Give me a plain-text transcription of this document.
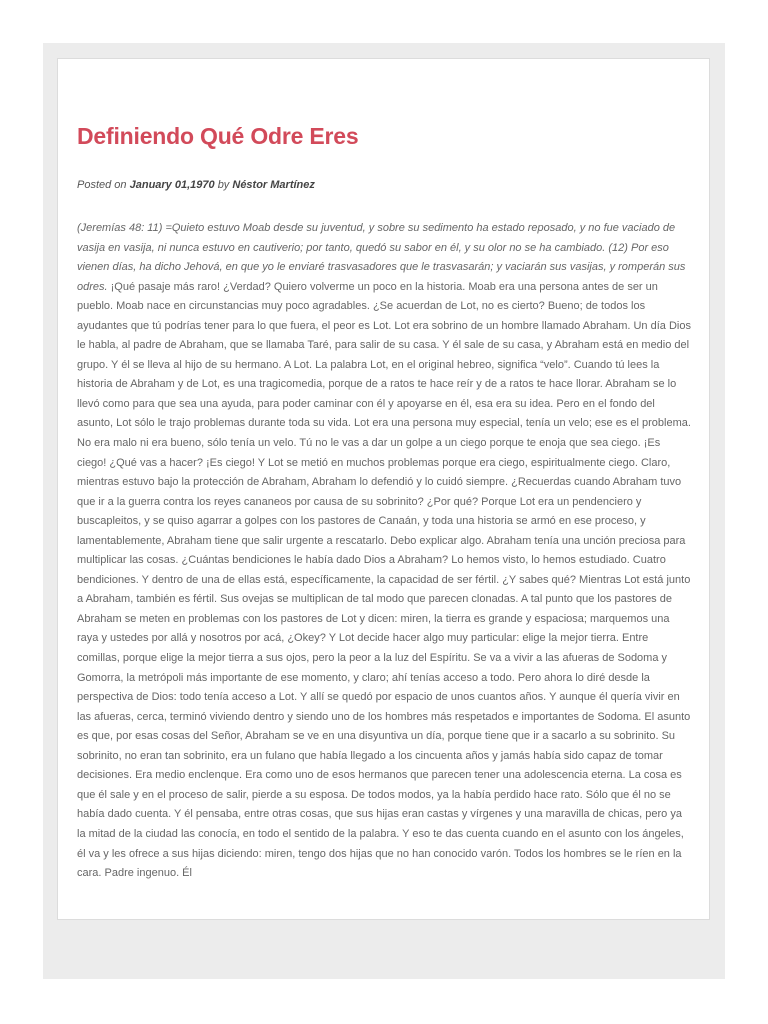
Definiendo Qué Odre Eres
Posted on January 01,1970 by Néstor Martínez
(Jeremías 48: 11) =Quieto estuvo Moab desde su juventud, y sobre su sedimento ha estado reposado, y no fue vaciado de vasija en vasija, ni nunca estuvo en cautiverio; por tanto, quedó su sabor en él, y su olor no se ha cambiado. (12) Por eso vienen días, ha dicho Jehová, en que yo le enviaré trasvasadores que le trasvasarán; y vaciarán sus vasijas, y romperán sus odres. ¡Qué pasaje más raro! ¿Verdad? Quiero volverme un poco en la historia. Moab era una persona antes de ser un pueblo. Moab nace en circunstancias muy poco agradables. ¿Se acuerdan de Lot, no es cierto? Bueno; de todos los ayudantes que tú podrías tener para lo que fuera, el peor es Lot. Lot era sobrino de un hombre llamado Abraham. Un día Dios le habla, al padre de Abraham, que se llamaba Taré, para salir de su casa. Y él sale de su casa, y Abraham está en medio del grupo. Y él se lleva al hijo de su hermano. A Lot. La palabra Lot, en el original hebreo, significa “velo”. Cuando tú lees la historia de Abraham y de Lot, es una tragicomedia, porque de a ratos te hace reír y de a ratos te hace llorar. Abraham se lo llevó como para que sea una ayuda, para poder caminar con él y apoyarse en él, esa era su idea. Pero en el fondo del asunto, Lot sólo le trajo problemas durante toda su vida. Lot era una persona muy especial, tenía un velo; ese es el problema. No era malo ni era bueno, sólo tenía un velo. Tú no le vas a dar un golpe a un ciego porque te enoja que sea ciego. ¡Es ciego! ¿Qué vas a hacer? ¡Es ciego! Y Lot se metió en muchos problemas porque era ciego, espiritualmente ciego. Claro, mientras estuvo bajo la protección de Abraham, Abraham lo defendió y lo cuidó siempre. ¿Recuerdas cuando Abraham tuvo que ir a la guerra contra los reyes cananeos por causa de su sobrinito? ¿Por qué? Porque Lot era un pendenciero y buscapleitos, y se quiso agarrar a golpes con los pastores de Canaán, y toda una historia se armó en ese proceso, y lamentablemente, Abraham tiene que salir urgente a rescatarlo. Debo explicar algo. Abraham tenía una unción preciosa para multiplicar las cosas. ¿Cuántas bendiciones le había dado Dios a Abraham? Lo hemos visto, lo hemos estudiado. Cuatro bendiciones. Y dentro de una de ellas está, específicamente, la capacidad de ser fértil. ¿Y sabes qué? Mientras Lot está junto a Abraham, también es fértil. Sus ovejas se multiplican de tal modo que parecen clonadas. A tal punto que los pastores de Abraham se meten en problemas con los pastores de Lot y dicen: miren, la tierra es grande y espaciosa; marquemos una raya y ustedes por allá y nosotros por acá, ¿Okey? Y Lot decide hacer algo muy particular: elige la mejor tierra. Entre comillas, porque elige la mejor tierra a sus ojos, pero la peor a la luz del Espíritu. Se va a vivir a las afueras de Sodoma y Gomorra, la metrópoli más importante de ese momento, y claro; ahí tenías acceso a todo. Pero ahora lo diré desde la perspectiva de Dios: todo tenía acceso a Lot. Y allí se quedó por espacio de unos cuantos años. Y aunque él quería vivir en las afueras, cerca, terminó viviendo dentro y siendo uno de los hombres más respetados e importantes de Sodoma. El asunto es que, por esas cosas del Señor, Abraham se ve en una disyuntiva un día, porque tiene que ir a sacarlo a su sobrinito. Su sobrinito, no eran tan sobrinito, era un fulano que había llegado a los cincuenta años y jamás había sido capaz de tomar decisiones. Era medio enclenque. Era como uno de esos hermanos que parecen tener una adolescencia eterna. La cosa es que él sale y en el proceso de salir, pierde a su esposa. De todos modos, ya la había perdido hace rato. Sólo que él no se había dado cuenta. Y él pensaba, entre otras cosas, que sus hijas eran castas y vírgenes y una maravilla de chicas, pero ya la mitad de la ciudad las conocía, en todo el sentido de la palabra. Y eso te das cuenta cuando en el asunto con los ángeles, él va y les ofrece a sus hijas diciendo: miren, tengo dos hijas que no han conocido varón. Todos los hombres se le ríen en la cara. Padre ingenuo. Él
